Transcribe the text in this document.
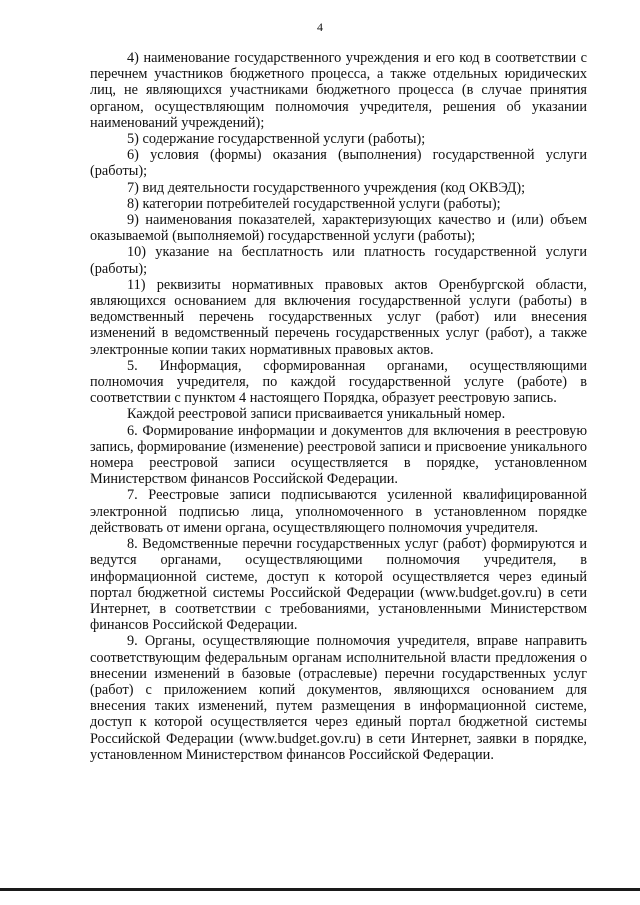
4

4) наименование государственного учреждения и его код в соответствии с перечнем участников бюджетного процесса, а также отдельных юридических лиц, не являющихся участниками бюджетного процесса (в случае принятия органом, осуществляющим полномочия учредителя, решения об указании наименований учреждений);

5) содержание государственной услуги (работы);

6) условия (формы) оказания (выполнения) государственной услуги (работы);

7) вид деятельности государственного учреждения (код ОКВЭД);

8) категории потребителей государственной услуги (работы);

9) наименования показателей, характеризующих качество и (или) объем оказываемой (выполняемой) государственной услуги (работы);

10) указание на бесплатность или платность государственной услуги (работы);

11) реквизиты нормативных правовых актов Оренбургской области, являющихся основанием для включения государственной услуги (работы) в ведомственный перечень государственных услуг (работ) или внесения изменений в ведомственный перечень государственных услуг (работ), а также электронные копии таких нормативных правовых актов.

5. Информация, сформированная органами, осуществляющими полномочия учредителя, по каждой государственной услуге (работе) в соответствии с пунктом 4 настоящего Порядка, образует реестровую запись.

Каждой реестровой записи присваивается уникальный номер.

6. Формирование информации и документов для включения в реестровую запись, формирование (изменение) реестровой записи и присвоение уникального номера реестровой записи осуществляется в порядке, установленном Министерством финансов Российской Федерации.

7. Реестровые записи подписываются усиленной квалифицированной электронной подписью лица, уполномоченного в установленном порядке действовать от имени органа, осуществляющего полномочия учредителя.

8. Ведомственные перечни государственных услуг (работ) формируются и ведутся органами, осуществляющими полномочия учредителя, в информационной системе, доступ к которой осуществляется через единый портал бюджетной системы Российской Федерации (www.budget.gov.ru) в сети Интернет, в соответствии с требованиями, установленными Министерством финансов Российской Федерации.

9. Органы, осуществляющие полномочия учредителя, вправе направить соответствующим федеральным органам исполнительной власти предложения о внесении изменений в базовые (отраслевые) перечни государственных услуг (работ) с приложением копий документов, являющихся основанием для внесения таких изменений, путем размещения в информационной системе, доступ к которой осуществляется через единый портал бюджетной системы Российской Федерации (www.budget.gov.ru) в сети Интернет, заявки в порядке, установленном Министерством финансов Российской Федерации.
